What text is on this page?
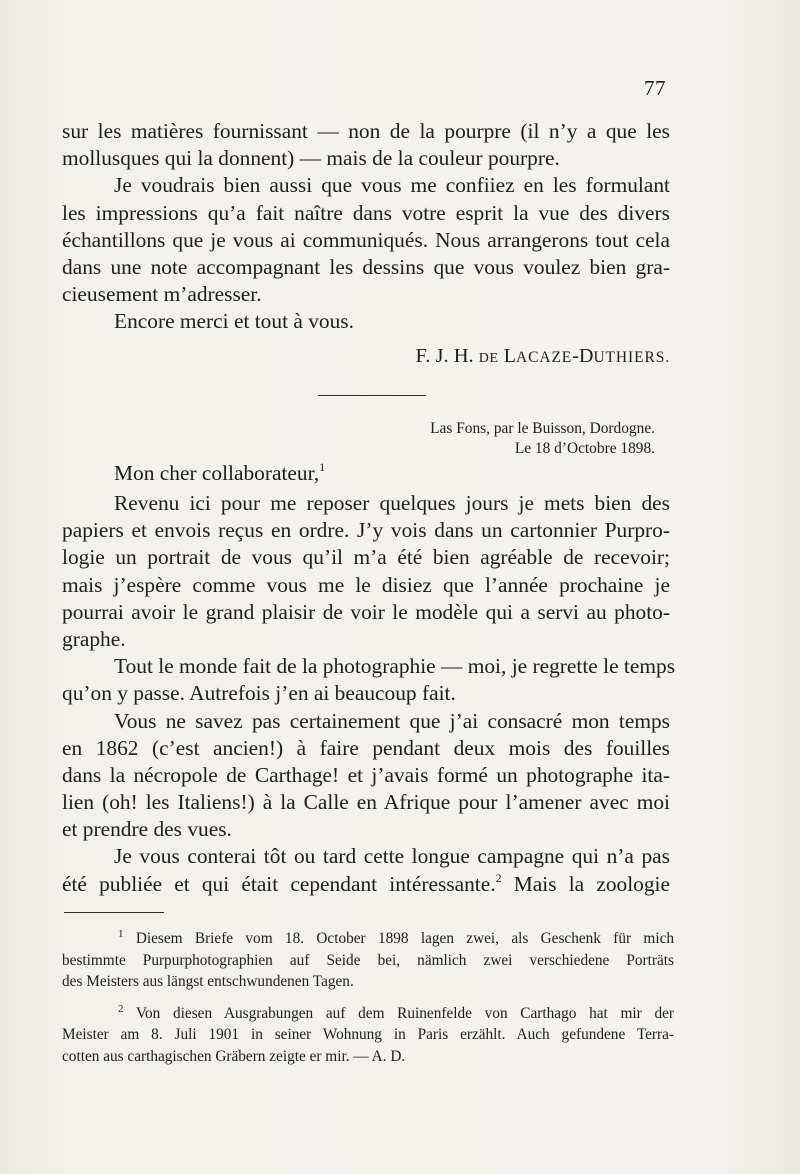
77
sur les matières fournissant — non de la pourpre (il n’y a que les
mollusques qui la donnent) — mais de la couleur pourpre.
Je voudrais bien aussi que vous me confiiez en les formulant
les impressions qu’a fait naître dans votre esprit la vue des divers
échantillons que je vous ai communiqués. Nous arrangerons tout cela
dans une note accompagnant les dessins que vous voulez bien gra-
cieusement m’adresser.
Encore merci et tout à vous.
F. J. H. DE LACAZE-DUTHIERS.
Las Fons, par le Buisson, Dordogne.
Le 18 d’Octobre 1898.
Mon cher collaborateur,$^1$
Revenu ici pour me reposer quelques jours je mets bien des
papiers et envois reçus en ordre. J’y vois dans un cartonnier Purpro-
logie un portrait de vous qu’il m’a été bien agréable de recevoir;
mais j’espère comme vous me le disiez que l’année prochaine je
pourrai avoir le grand plaisir de voir le modèle qui a servi au photo-
graphe.
Tout le monde fait de la photographie — moi, je regrette le temps
qu’on y passe. Autrefois j’en ai beaucoup fait.
Vous ne savez pas certainement que j’ai consacré mon temps
en 1862 (c’est ancien!) à faire pendant deux mois des fouilles
dans la nécropole de Carthage! et j’avais formé un photographe ita-
lien (oh! les Italiens!) à la Calle en Afrique pour l’amener avec moi
et prendre des vues.
Je vous conterai tôt ou tard cette longue campagne qui n’a pas
été publiée et qui était cependant intéressante.$^2$ Mais la zoologie
$^1$ Diesem Briefe vom 18. October 1898 lagen zwei, als Geschenk für mich
bestimmte Purpurphotographien auf Seide bei, nämlich zwei verschiedene Porträts
des Meisters aus längst entschwundenen Tagen.
$^2$ Von diesen Ausgrabungen auf dem Ruinenfelde von Carthago hat mir der
Meister am 8. Juli 1901 in seiner Wohnung in Paris erzählt. Auch gefundene Terra-
cotten aus carthagischen Gräbern zeigte er mir. — A. D.
